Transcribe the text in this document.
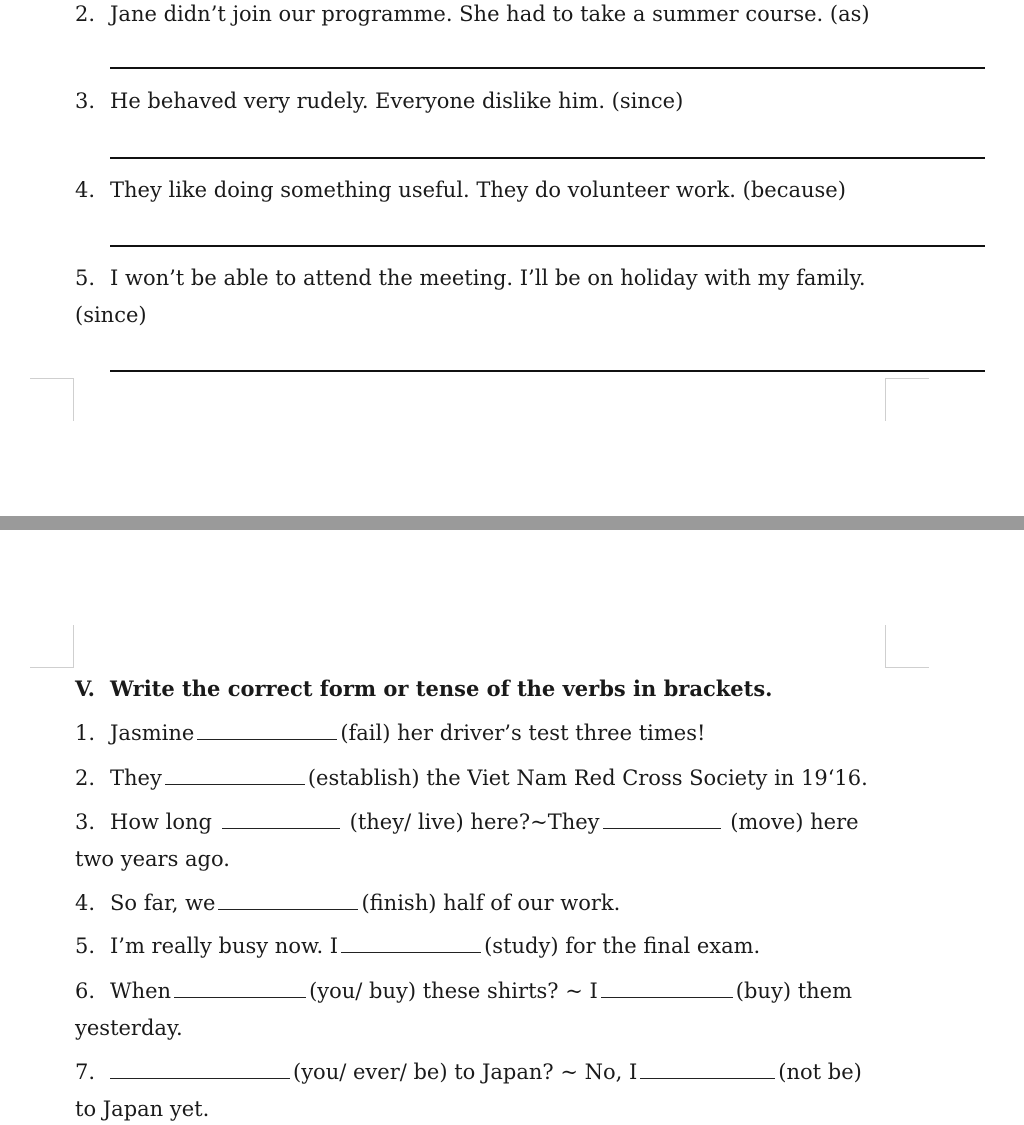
2. Jane didn’t join our programme. She had to take a summer course. (as)
3. He behaved very rudely. Everyone dislike him. (since)
4. They like doing something useful. They do volunteer work. (because)
5. I won’t be able to attend the meeting. I’ll be on holiday with my family.
(since)
V. Write the correct form or tense of the verbs in brackets.
1. Jasmine	(fail) her driver’s test three times!
2. They	(establish) the Viet Nam Red Cross Society in 19‘16.
3. How long	(they/ live) here?~They	(move) here
two years ago.
4. So far, we	(finish) half of our work.
5. I’m really busy now. I	(study) for the final exam.
6. When	(you/ buy) these shirts? ~ I	(buy) them
yesterday.
7.	(you/ ever/ be) to Japan? ~ No, I	(not be)
to Japan yet.
